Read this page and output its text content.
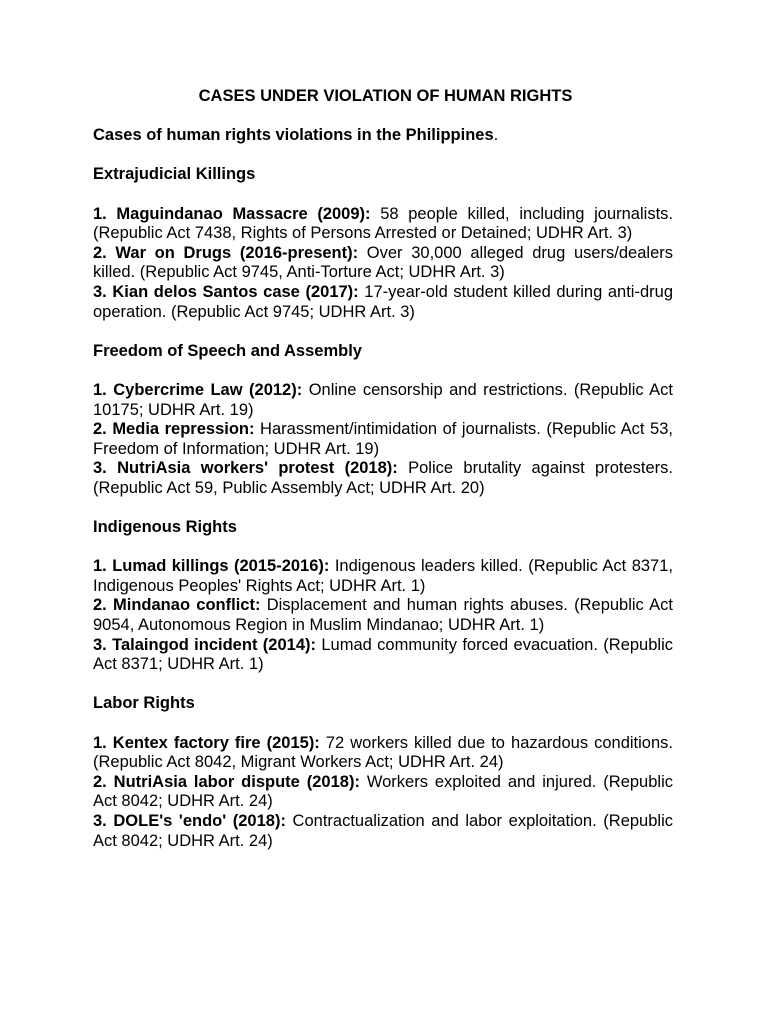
CASES UNDER VIOLATION OF HUMAN RIGHTS
Cases of human rights violations in the Philippines.
Extrajudicial Killings
1. Maguindanao Massacre (2009): 58 people killed, including journalists. (Republic Act 7438, Rights of Persons Arrested or Detained; UDHR Art. 3)
2. War on Drugs (2016-present): Over 30,000 alleged drug users/dealers killed. (Republic Act 9745, Anti-Torture Act; UDHR Art. 3)
3. Kian delos Santos case (2017): 17-year-old student killed during anti-drug operation. (Republic Act 9745; UDHR Art. 3)
Freedom of Speech and Assembly
1. Cybercrime Law (2012): Online censorship and restrictions. (Republic Act 10175; UDHR Art. 19)
2. Media repression: Harassment/intimidation of journalists. (Republic Act 53, Freedom of Information; UDHR Art. 19)
3. NutriAsia workers' protest (2018): Police brutality against protesters. (Republic Act 59, Public Assembly Act; UDHR Art. 20)
Indigenous Rights
1. Lumad killings (2015-2016): Indigenous leaders killed. (Republic Act 8371, Indigenous Peoples' Rights Act; UDHR Art. 1)
2. Mindanao conflict: Displacement and human rights abuses. (Republic Act 9054, Autonomous Region in Muslim Mindanao; UDHR Art. 1)
3. Talaingod incident (2014): Lumad community forced evacuation. (Republic Act 8371; UDHR Art. 1)
Labor Rights
1. Kentex factory fire (2015): 72 workers killed due to hazardous conditions. (Republic Act 8042, Migrant Workers Act; UDHR Art. 24)
2. NutriAsia labor dispute (2018): Workers exploited and injured. (Republic Act 8042; UDHR Art. 24)
3. DOLE's 'endo' (2018): Contractualization and labor exploitation. (Republic Act 8042; UDHR Art. 24)
